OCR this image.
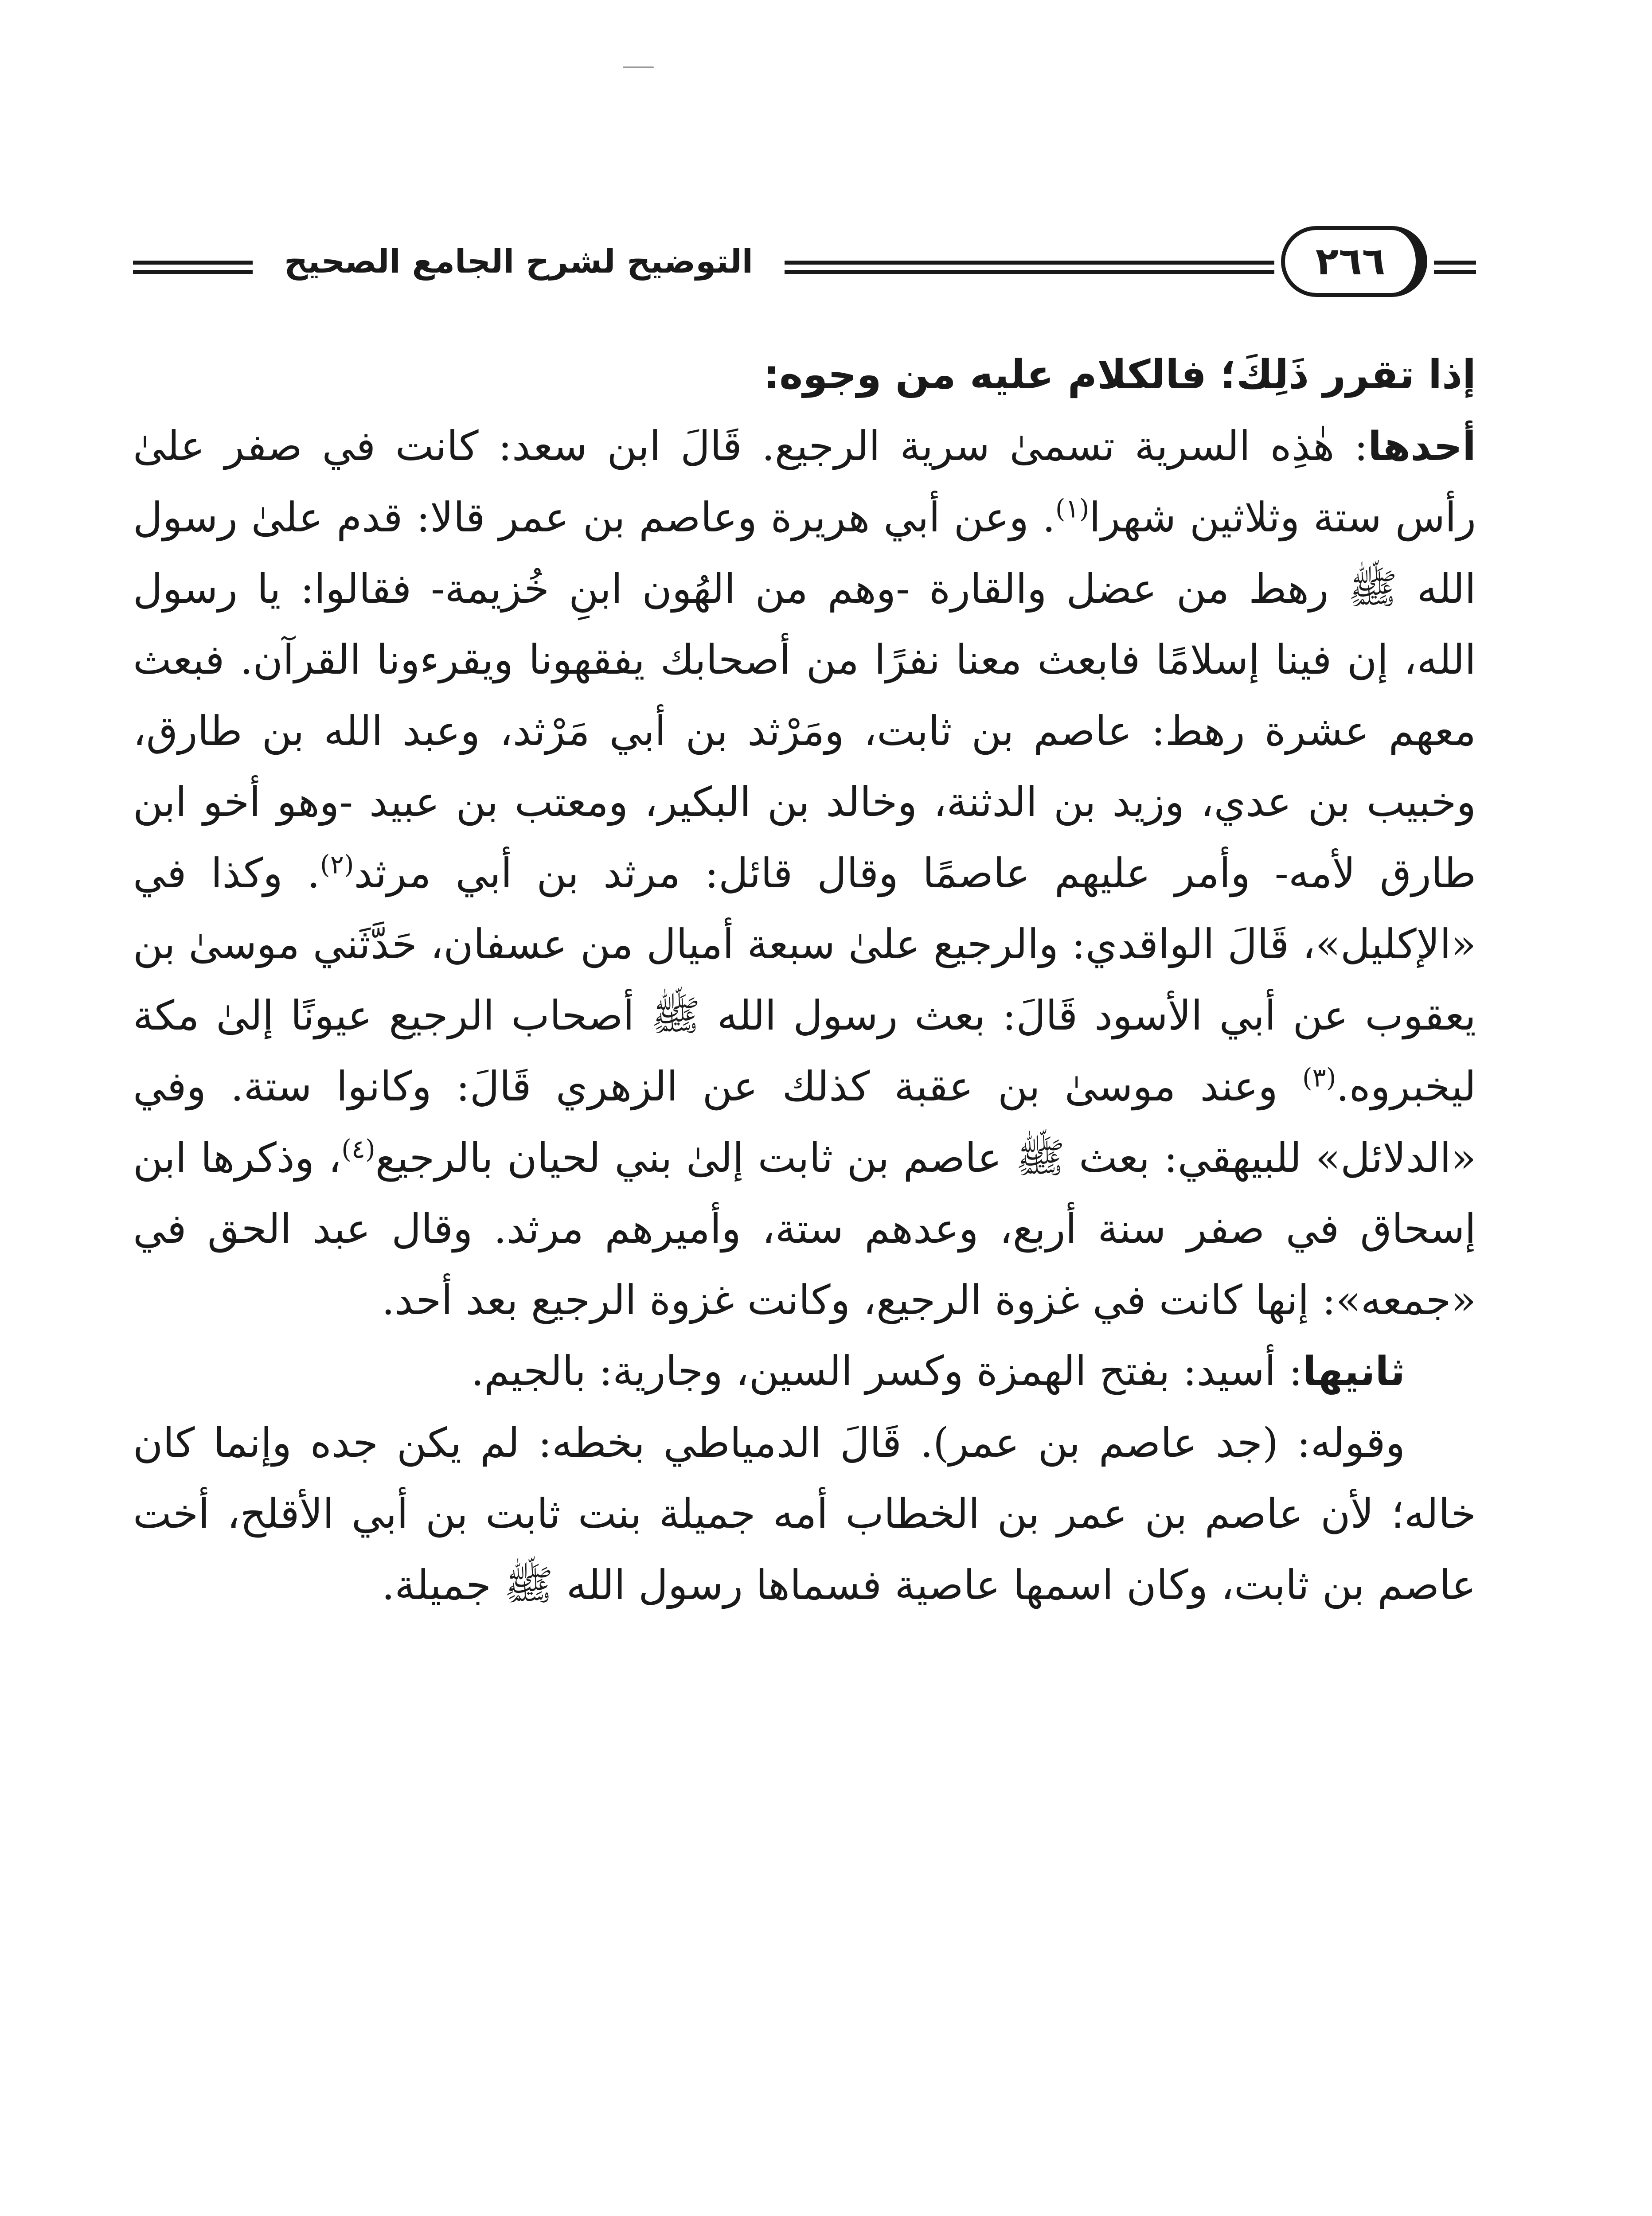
التوضيح لشرح الجامع الصحيح	٢٦٦

إذا تقرر ذَلِكَ؛ فالكلام عليه من وجوه:

أحدها: هٰذِه السرية تسمىٰ سرية الرجيع. قَالَ ابن سعد: كانت في صفر علىٰ رأس ستة وثلاثين شهرا$^{(١)}$. وعن أبي هريرة وعاصم بن عمر قالا: قدم علىٰ رسول الله ﷺ رهط من عضل والقارة -وهم من الهُون ابنِ خُزيمة- فقالوا: يا رسول الله، إن فينا إسلامًا فابعث معنا نفرًا من أصحابك يفقهونا ويقرءونا القرآن. فبعث معهم عشرة رهط: عاصم بن ثابت، ومَرْثد بن أبي مَرْثد، وعبد الله بن طارق، وخبيب بن عدي، وزيد بن الدثنة، وخالد بن البكير، ومعتب بن عبيد -وهو أخو ابن طارق لأمه- وأمر عليهم عاصمًا وقال قائل: مرثد بن أبي مرثد$^{(٢)}$. وكذا في «الإكليل»، قَالَ الواقدي: والرجيع علىٰ سبعة أميال من عسفان، حَدَّثَني موسىٰ بن يعقوب عن أبي الأسود قَالَ: بعث رسول الله ﷺ أصحاب الرجيع عيونًا إلىٰ مكة ليخبروه.$^{(٣)}$ وعند موسىٰ بن عقبة كذلك عن الزهري قَالَ: وكانوا ستة. وفي «الدلائل» للبيهقي: بعث ﷺ عاصم بن ثابت إلىٰ بني لحيان بالرجيع$^{(٤)}$، وذكرها ابن إسحاق في صفر سنة أربع، وعدهم ستة، وأميرهم مرثد. وقال عبد الحق في «جمعه»: إنها كانت في غزوة الرجيع، وكانت غزوة الرجيع بعد أحد.

ثانيها: أسيد: بفتح الهمزة وكسر السين، وجارية: بالجيم.

وقوله: (جد عاصم بن عمر). قَالَ الدمياطي بخطه: لم يكن جده وإنما كان خاله؛ لأن عاصم بن عمر بن الخطاب أمه جميلة بنت ثابت بن أبي الأقلح، أخت عاصم بن ثابت، وكان اسمها عاصية فسماها رسول الله ﷺ جميلة.
